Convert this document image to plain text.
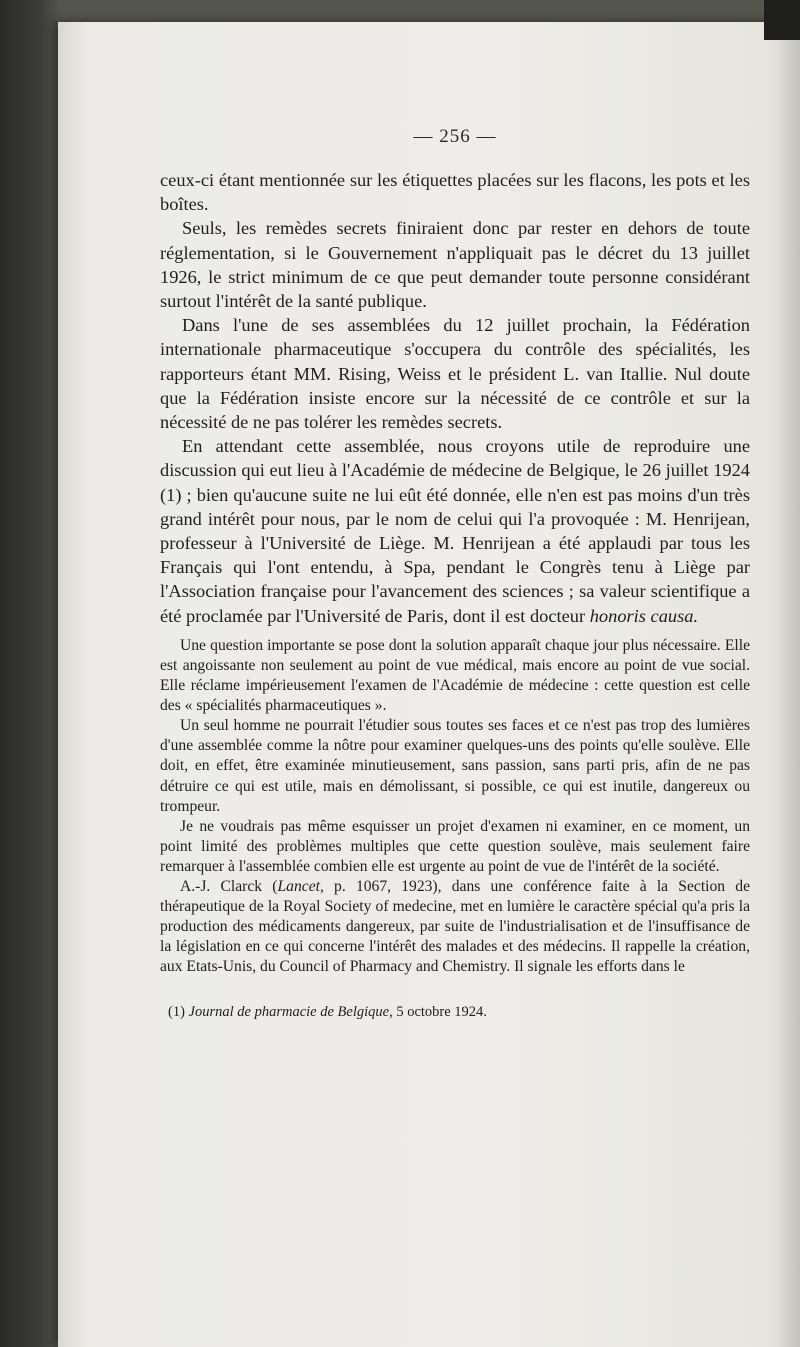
— 256 —

ceux-ci étant mentionnée sur les étiquettes placées sur les flacons, les pots et les boîtes.

Seuls, les remèdes secrets finiraient donc par rester en dehors de toute réglementation, si le Gouvernement n'appliquait pas le décret du 13 juillet 1926, le strict minimum de ce que peut demander toute personne considérant surtout l'intérêt de la santé publique.

Dans l'une de ses assemblées du 12 juillet prochain, la Fédération internationale pharmaceutique s'occupera du contrôle des spécialités, les rapporteurs étant MM. Rising, Weiss et le président L. van Itallie. Nul doute que la Fédération insiste encore sur la nécessité de ce contrôle et sur la nécessité de ne pas tolérer les remèdes secrets.

En attendant cette assemblée, nous croyons utile de reproduire une discussion qui eut lieu à l'Académie de médecine de Belgique, le 26 juillet 1924 (1) ; bien qu'aucune suite ne lui eût été donnée, elle n'en est pas moins d'un très grand intérêt pour nous, par le nom de celui qui l'a provoquée : M. Henrijean, professeur à l'Université de Liège. M. Henrijean a été applaudi par tous les Français qui l'ont entendu, à Spa, pendant le Congrès tenu à Liège par l'Association française pour l'avancement des sciences ; sa valeur scientifique a été proclamée par l'Université de Paris, dont il est docteur honoris causa.

Une question importante se pose dont la solution apparaît chaque jour plus nécessaire. Elle est angoissante non seulement au point de vue médical, mais encore au point de vue social. Elle réclame impérieusement l'examen de l'Académie de médecine : cette question est celle des « spécialités pharmaceutiques ».

Un seul homme ne pourrait l'étudier sous toutes ses faces et ce n'est pas trop des lumières d'une assemblée comme la nôtre pour examiner quelques-uns des points qu'elle soulève. Elle doit, en effet, être examinée minutieusement, sans passion, sans parti pris, afin de ne pas détruire ce qui est utile, mais en démolissant, si possible, ce qui est inutile, dangereux ou trompeur.

Je ne voudrais pas même esquisser un projet d'examen ni examiner, en ce moment, un point limité des problèmes multiples que cette question soulève, mais seulement faire remarquer à l'assemblée combien elle est urgente au point de vue de l'intérêt de la société.

A.-J. Clarck (Lancet, p. 1067, 1923), dans une conférence faite à la Section de thérapeutique de la Royal Society of medecine, met en lumière le caractère spécial qu'a pris la production des médicaments dangereux, par suite de l'industrialisation et de l'insuffisance de la législation en ce qui concerne l'intérêt des malades et des médecins. Il rappelle la création, aux Etats-Unis, du Council of Pharmacy and Chemistry. Il signale les efforts dans le

(1) Journal de pharmacie de Belgique, 5 octobre 1924.
